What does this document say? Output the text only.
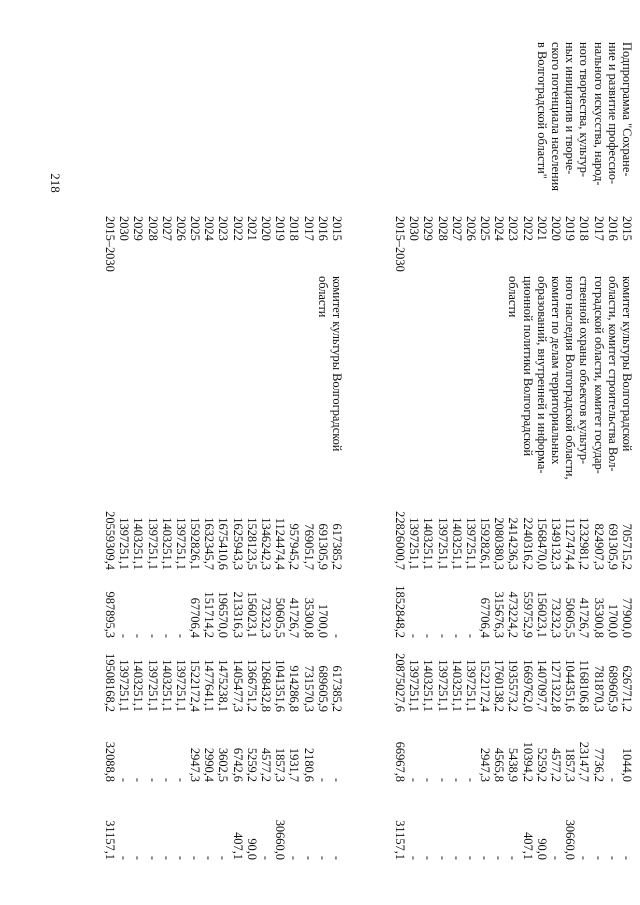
218
Подпрограмма "Сохране-
ние и развитие профессио-
нального искусства, народ-
ного творчества, культур-
ных инициатив и творче-
ского потенциала населения
в Волгоградской области"
2015
2016
2017
2018
2019
2020
2021
2022
2023
2024
2025
2026
2027
2028
2029
2030
2015–2030
комитет культуры Волгоградской
области, комитет строительства Вол-
гоградской области, комитет государ-
ственной охраны объектов культур-
ного наследия Волгоградской области,
комитет по делам территориальных
образований, внутренней и информа-
ционной политики Волгоградской
области
705715,2
691305,9
824907,3
1232981,2
1127474,4
1349132,3
1568470,0
2240316,2
2414236,3
2080380,3
1592826,1
1397251,1
1403251,1
1397251,1
1403251,1
1397251,1
22826000,7
77900,0
1700,0
35300,8
41726,7
50605,5
73232,3
156023,1
559752,9
473224,2
315676,3
67706,4
-
-
-
-
-
1852848,2
626771,2
689605,9
781870,3
1168106,8
1044351,6
1271322,8
1407097,7
1669762,0
1935573,2
1760138,2
1522172,4
1397251,1
1403251,1
1397251,1
1403251,1
1397251,1
20875027,6
1044,0
-
7736,2
23147,7
1857,3
4577,2
5259,2
10394,2
5438,9
4565,8
2947,3
-
-
-
-
-
66967,8
-
-
-
-
30660,0
-
90,0
407,1
-
-
-
-
-
-
-
-
31157,1
2015
2016
2017
2018
2019
2020
2021
2022
2023
2024
2025
2026
2027
2028
2029
2030
2015–2030
комитет культуры Волгоградской
области
617385,2
691305,9
769051,7
957945,2
1124474,4
1346242,3
1528123,5
1625943,3
1675410,6
1632345,7
1592826,1
1397251,1
1403251,1
1397251,1
1403251,1
1397251,1
20559309,4
-
1700,0
35300,8
41726,7
50605,5
73232,3
156023,1
213316,3
196570,0
151714,2
67706,4
-
-
-
-
-
987895,3
617385,2
689605,9
731570,3
914286,8
1041351,6
1268432,8
1366751,2
1405477,3
1475238,1
1477641,1
1522172,4
1397251,1
1403251,1
1397251,1
1403251,1
1397251,1
19508168,2
-
-
2180,6
1931,7
1857,3
4577,2
5259,2
6742,6
3602,5
2990,4
2947,3
-
-
-
-
-
32088,8
-
-
-
-
30660,0
-
90,0
407,1
-
-
-
-
-
-
-
-
31157,1
